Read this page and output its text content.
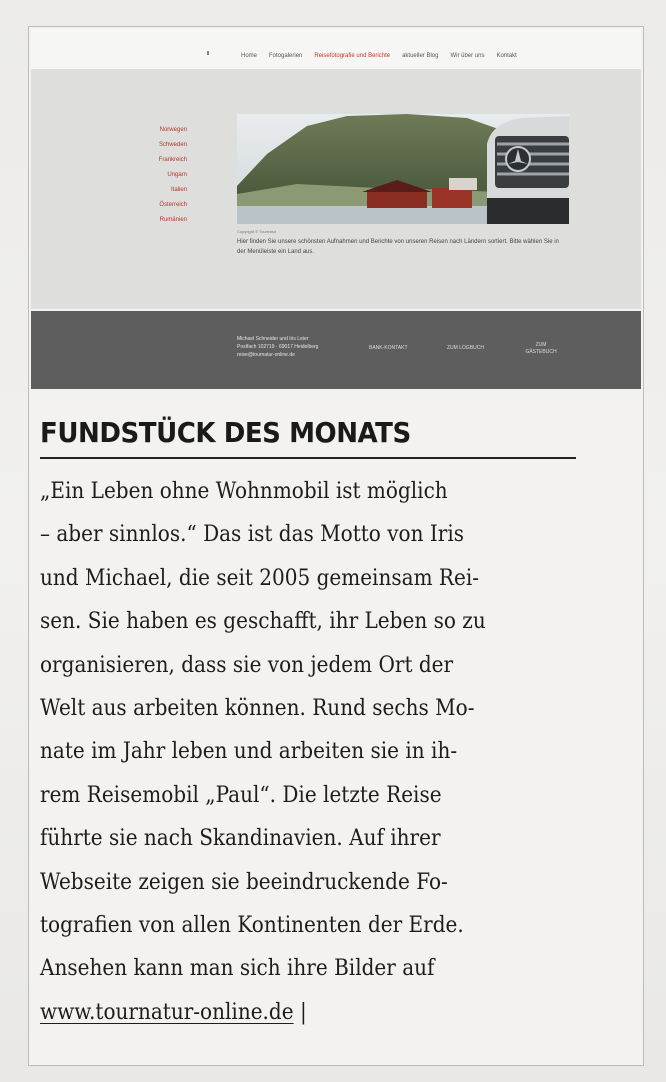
Home Fotogalerien Reisefotografie und Berichte aktueller Blog Wir über uns Kontakt
Norwegen
Schweden
Frankreich
Ungarn
Italien
Österreich
Rumänien
Copyright © Tournatur
Hier finden Sie unsere schönsten Aufnahmen und Berichte von unseren Reisen nach Ländern sortiert. Bitte wählen Sie in der Menüleiste ein Land aus.
Michael Schneider und Iris Leier
Postfach 102719 · 69017 Heidelberg
reise@tournatur-online.de
BANK-KONTAKT	ZUM LOGBUCH	ZUM GÄSTEBUCH
FUNDSTÜCK DES MONATS
„Ein Leben ohne Wohnmobil ist möglich
– aber sinnlos.“ Das ist das Motto von Iris
und Michael, die seit 2005 gemeinsam Rei-
sen. Sie haben es geschafft, ihr Leben so zu
organisieren, dass sie von jedem Ort der
Welt aus arbeiten können. Rund sechs Mo-
nate im Jahr leben und arbeiten sie in ih-
rem Reisemobil „Paul“. Die letzte Reise
führte sie nach Skandinavien. Auf ihrer
Webseite zeigen sie beeindruckende Fo-
tografien von allen Kontinenten der Erde.
Ansehen kann man sich ihre Bilder auf
www.tournatur-online.de |
